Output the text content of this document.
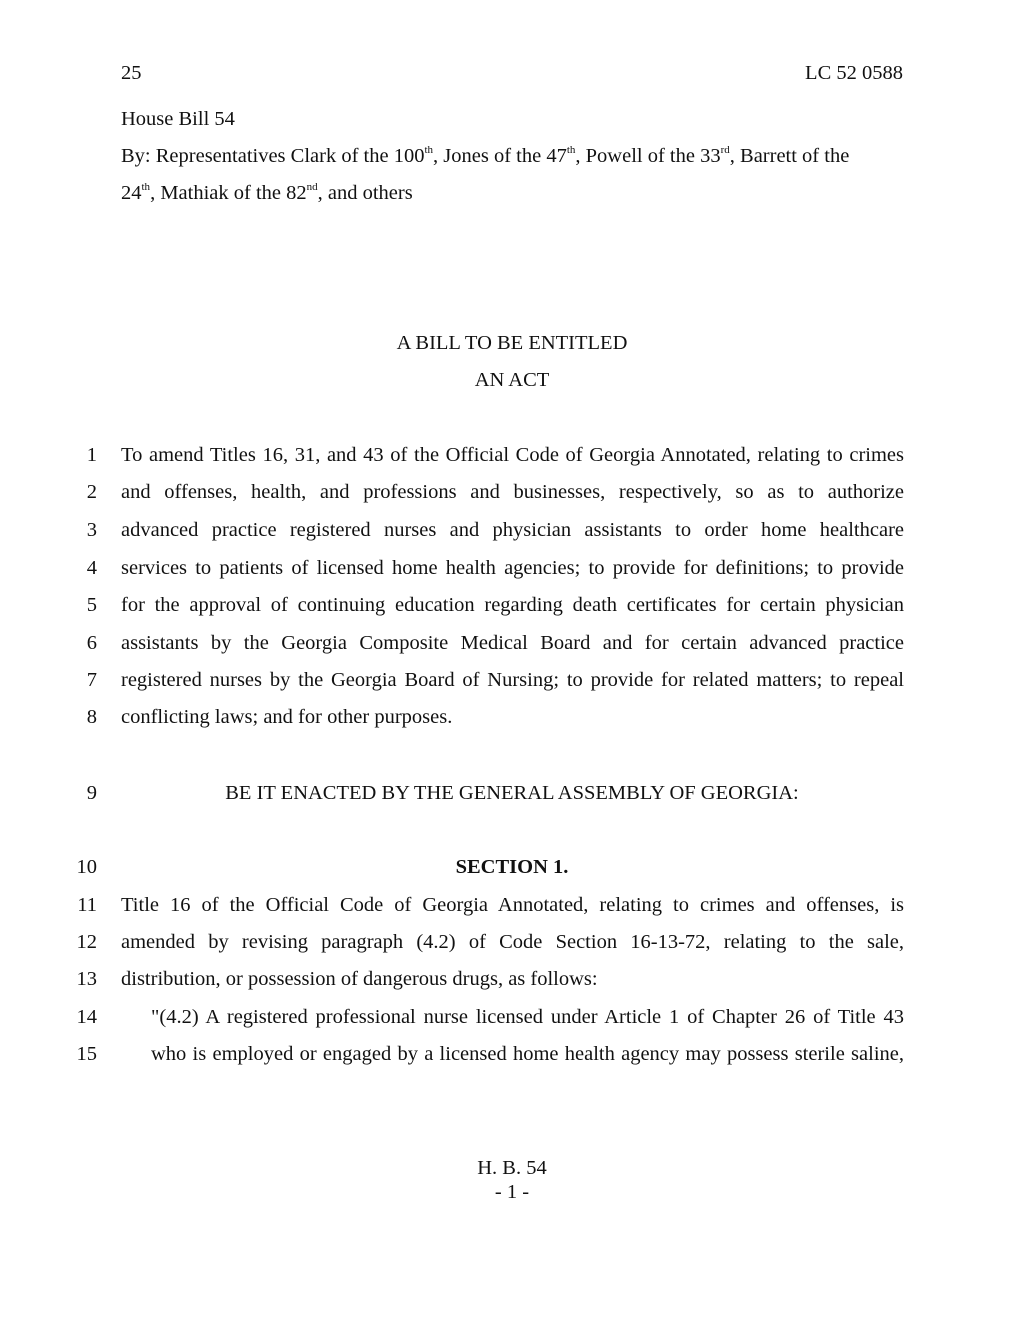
25	LC 52 0588
House Bill 54
By: Representatives Clark of the 100th, Jones of the 47th, Powell of the 33rd, Barrett of the
24th, Mathiak of the 82nd, and others
A BILL TO BE ENTITLED
AN ACT
1 To amend Titles 16, 31, and 43 of the Official Code of Georgia Annotated, relating to crimes
2 and offenses, health, and professions and businesses, respectively, so as to authorize
3 advanced practice registered nurses and physician assistants to order home healthcare
4 services to patients of licensed home health agencies; to provide for definitions; to provide
5 for the approval of continuing education regarding death certificates for certain physician
6 assistants by the Georgia Composite Medical Board and for certain advanced practice
7 registered nurses by the Georgia Board of Nursing; to provide for related matters; to repeal
8 conflicting laws; and for other purposes.
9	BE IT ENACTED BY THE GENERAL ASSEMBLY OF GEORGIA:
10	SECTION 1.
11 Title 16 of the Official Code of Georgia Annotated, relating to crimes and offenses, is
12 amended by revising paragraph (4.2) of Code Section 16-13-72, relating to the sale,
13 distribution, or possession of dangerous drugs, as follows:
14	"(4.2) A registered professional nurse licensed under Article 1 of Chapter 26 of Title 43
15	who is employed or engaged by a licensed home health agency may possess sterile saline,
H. B. 54
- 1 -
